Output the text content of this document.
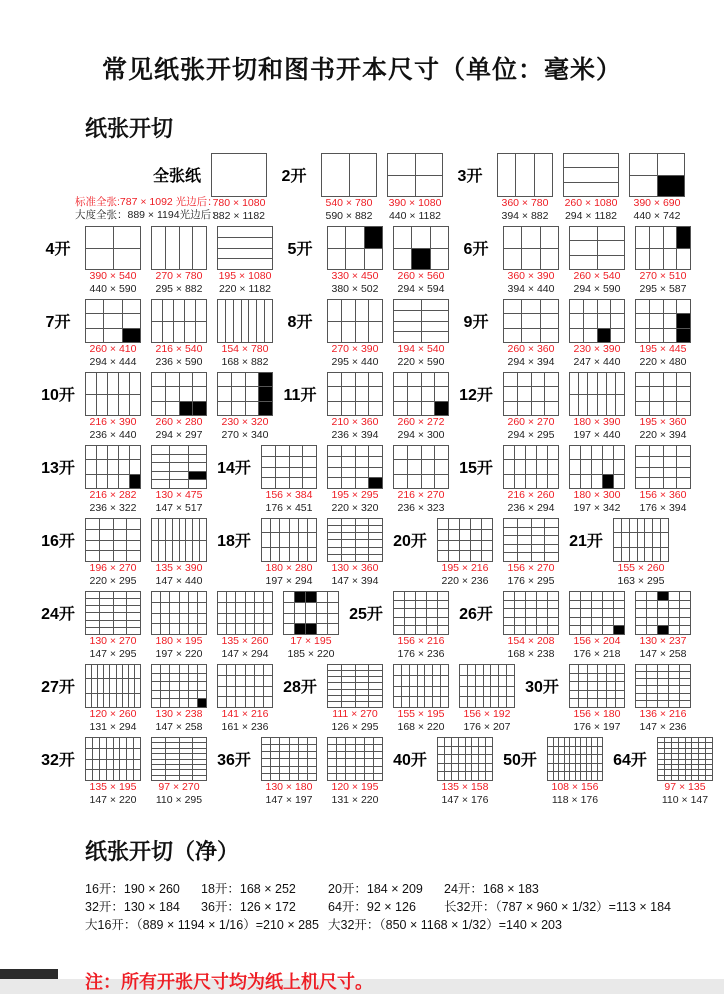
常见纸张开切和图书开本尺寸（单位：毫米）
纸张开切
标准全张:787 × 1092 光边后：
大度全张：889 × 1194光边后：
全张纸
780 × 1080
882 × 1182
2开
540 × 780
590 × 882
390 × 1080
440 × 1182
3开
360 × 780
394 × 882
260 × 1080
294 × 1182
390 × 690
440 × 742
4开
390 × 540
440 × 590
270 × 780
295 × 882
195 × 1080
220 × 1182
5开
330 × 450
380 × 502
260 × 560
294 × 594
6开
360 × 390
394 × 440
260 × 540
294 × 590
270 × 510
295 × 587
7开
260 × 410
294 × 444
216 × 540
236 × 590
154 × 780
168 × 882
8开
270 × 390
295 × 440
194 × 540
220 × 590
9开
260 × 360
294 × 394
230 × 390
247 × 440
195 × 445
220 × 480
10开
216 × 390
236 × 440
260 × 280
294 × 297
230 × 320
270 × 340
11开
210 × 360
236 × 394
260 × 272
294 × 300
12开
260 × 270
294 × 295
180 × 390
197 × 440
195 × 360
220 × 394
13开
216 × 282
236 × 322
130 × 475
147 × 517
14开
156 × 384
176 × 451
195 × 295
220 × 320
216 × 270
236 × 323
15开
216 × 260
236 × 294
180 × 300
197 × 342
156 × 360
176 × 394
16开
196 × 270
220 × 295
135 × 390
147 × 440
18开
180 × 280
197 × 294
130 × 360
147 × 394
20开
195 × 216
220 × 236
156 × 270
176 × 295
21开
155 × 260
163 × 295
24开
130 × 270
147 × 295
180 × 195
197 × 220
135 × 260
147 × 294
17 × 195
185 × 220
25开
156 × 216
176 × 236
26开
154 × 208
168 × 238
156 × 204
176 × 218
130 × 237
147 × 258
27开
120 × 260
131 × 294
130 × 238
147 × 258
141 × 216
161 × 236
28开
111 × 270
126 × 295
155 × 195
168 × 220
156 × 192
176 × 207
30开
156 × 180
176 × 197
136 × 216
147 × 236
32开
135 × 195
147 × 220
97 × 270
110 × 295
36开
130 × 180
147 × 197
120 × 195
131 × 220
40开
135 × 158
147 × 176
50开
108 × 156
118 × 176
64开
97 × 135
110 × 147
纸张开切（净）
16开：190 × 260	18开：168 × 252	20开：184 × 209	24开：168 × 183
32开：130 × 184	36开：126 × 172	64开：92 × 126	长32开：（787 × 960 × 1/32）=113 × 184
大16开：（889 × 1194 × 1/16）=210 × 285 大32开：（850 × 1168 × 1/32）=140 × 203
注：所有开张尺寸均为纸上机尺寸。
